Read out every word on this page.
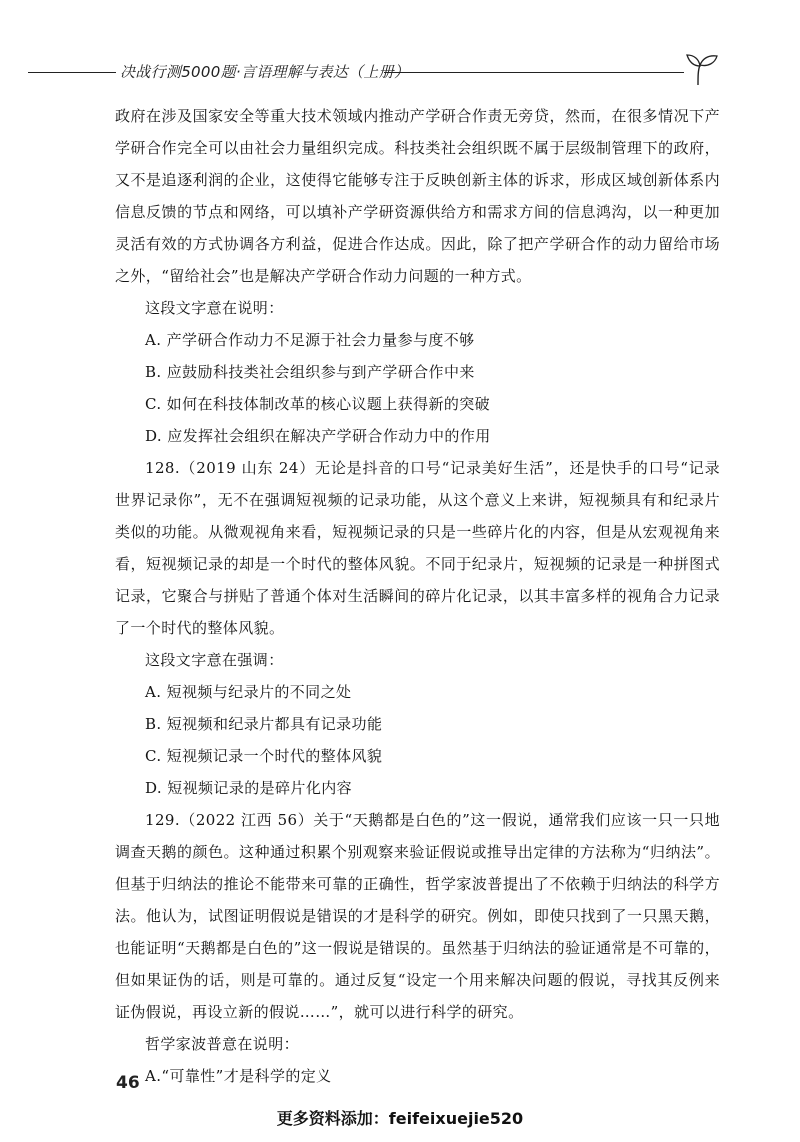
决战行测5000题·言语理解与表达（上册）

政府在涉及国家安全等重大技术领域内推动产学研合作责无旁贷，然而，在很多情况下产学研合作完全可以由社会力量组织完成。科技类社会组织既不属于层级制管理下的政府，又不是追逐利润的企业，这使得它能够专注于反映创新主体的诉求，形成区域创新体系内信息反馈的节点和网络，可以填补产学研资源供给方和需求方间的信息鸿沟，以一种更加灵活有效的方式协调各方利益，促进合作达成。因此，除了把产学研合作的动力留给市场之外，“留给社会”也是解决产学研合作动力问题的一种方式。

这段文字意在说明：

A. 产学研合作动力不足源于社会力量参与度不够

B. 应鼓励科技类社会组织参与到产学研合作中来

C. 如何在科技体制改革的核心议题上获得新的突破

D. 应发挥社会组织在解决产学研合作动力中的作用

128.（2019 山东 24）无论是抖音的口号“记录美好生活”，还是快手的口号“记录世界记录你”，无不在强调短视频的记录功能，从这个意义上来讲，短视频具有和纪录片类似的功能。从微观视角来看，短视频记录的只是一些碎片化的内容，但是从宏观视角来看，短视频记录的却是一个时代的整体风貌。不同于纪录片，短视频的记录是一种拼图式记录，它聚合与拼贴了普通个体对生活瞬间的碎片化记录，以其丰富多样的视角合力记录了一个时代的整体风貌。

这段文字意在强调：

A. 短视频与纪录片的不同之处

B. 短视频和纪录片都具有记录功能

C. 短视频记录一个时代的整体风貌

D. 短视频记录的是碎片化内容

129.（2022 江西 56）关于“天鹅都是白色的”这一假说，通常我们应该一只一只地调查天鹅的颜色。这种通过积累个别观察来验证假说或推导出定律的方法称为“归纳法”。但基于归纳法的推论不能带来可靠的正确性，哲学家波普提出了不依赖于归纳法的科学方法。他认为，试图证明假说是错误的才是科学的研究。例如，即使只找到了一只黑天鹅，也能证明“天鹅都是白色的”这一假说是错误的。虽然基于归纳法的验证通常是不可靠的，但如果证伪的话，则是可靠的。通过反复“设定一个用来解决问题的假说，寻找其反例来证伪假说，再设立新的假说……”，就可以进行科学的研究。

哲学家波普意在说明：

A.“可靠性”才是科学的定义

46
更多资料添加：feifeixuejie520
